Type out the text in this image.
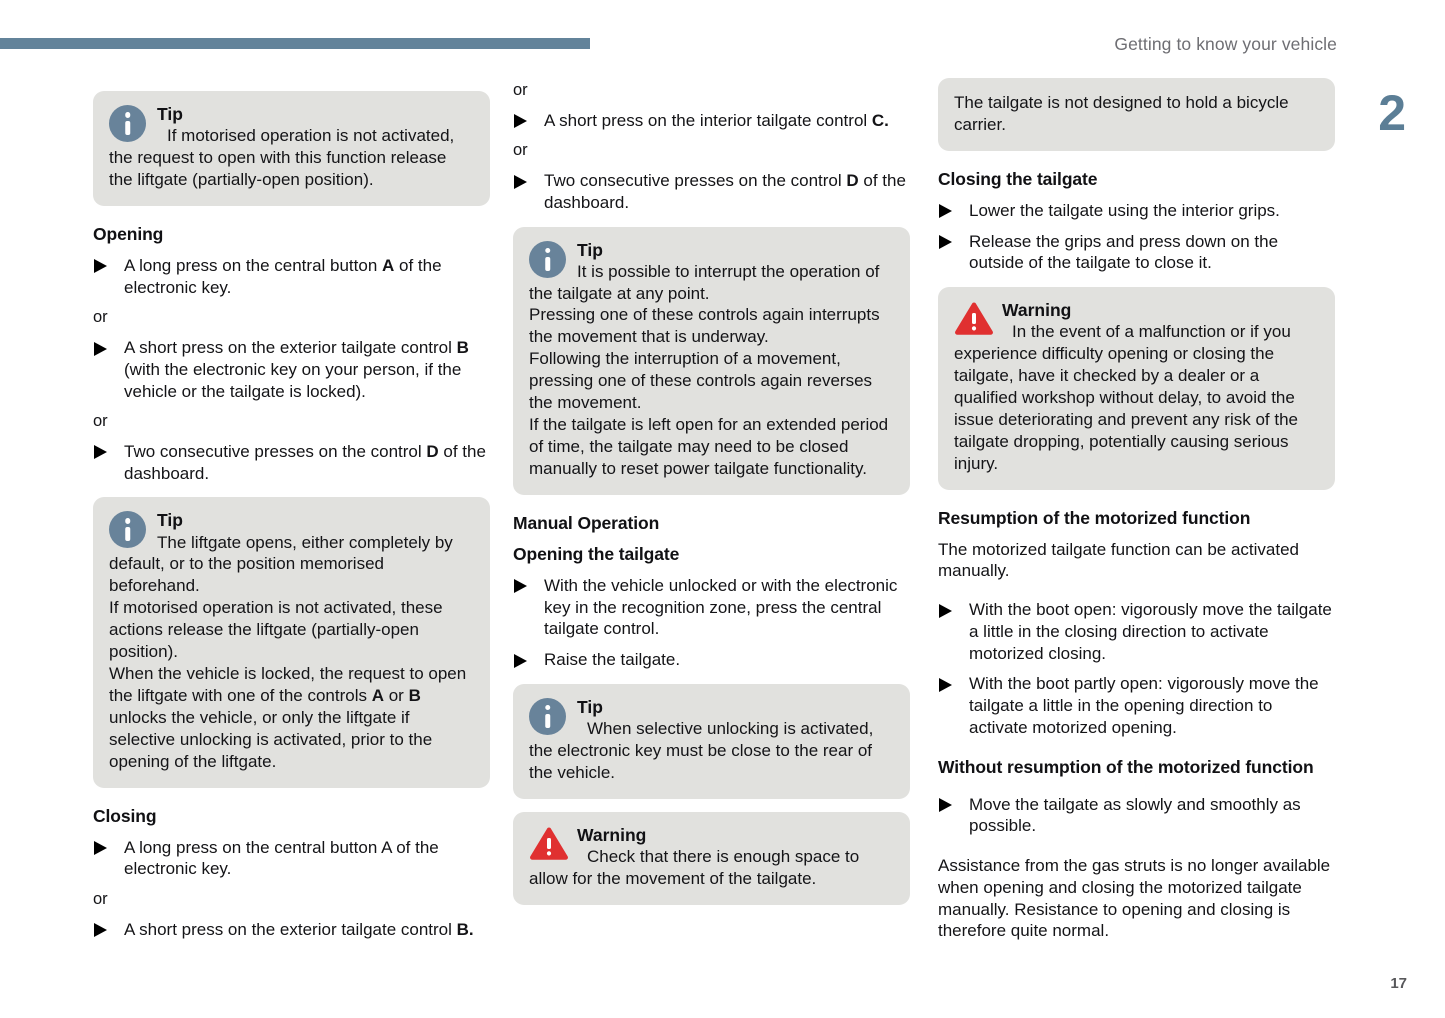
Getting to know your vehicle
2
17
Tip
If motorised operation is not activated, the request to open with this function release the liftgate (partially-open position).
Opening
A long press on the central button A of the electronic key.
or
A short press on the exterior tailgate control B (with the electronic key on your person, if the vehicle or the tailgate is locked).
or
Two consecutive presses on the control D of the dashboard.
Tip

The liftgate opens, either completely by default, or to the position memorised beforehand.

If motorised operation is not activated, these actions release the liftgate (partially-open position).

When the vehicle is locked, the request to open the liftgate with one of the controls A or B unlocks the vehicle, or only the liftgate if selective unlocking is activated, prior to the opening of the liftgate.

Closing
A long press on the central button A of the electronic key.
or
A short press on the exterior tailgate control B.
or
A short press on the interior tailgate control C.
or
Two consecutive presses on the control D of the dashboard.
Tip

It is possible to interrupt the operation of the tailgate at any point.

Pressing one of these controls again interrupts the movement that is underway.

Following the interruption of a movement, pressing one of these controls again reverses the movement.

If the tailgate is left open for an extended period of time, the tailgate may need to be closed manually to reset power tailgate functionality.

Manual Operation
Opening the tailgate
With the vehicle unlocked or with the electronic key in the recognition zone, press the central tailgate control.
Raise the tailgate.
Tip
When selective unlocking is activated, the electronic key must be close to the rear of the vehicle.
Warning
Check that there is enough space to allow for the movement of the tailgate.
The tailgate is not designed to hold a bicycle carrier.
Closing the tailgate
Lower the tailgate using the interior grips.
Release the grips and press down on the outside of the tailgate to close it.
Warning
In the event of a malfunction or if you experience difficulty opening or closing the tailgate, have it checked by a dealer or a qualified workshop without delay, to avoid the issue deteriorating and prevent any risk of the tailgate dropping, potentially causing serious injury.
Resumption of the motorized function
The motorized tailgate function can be activated manually.
With the boot open: vigorously move the tailgate a little in the closing direction to activate motorized closing.
With the boot partly open: vigorously move the tailgate a little in the opening direction to activate motorized opening.
Without resumption of the motorized function
Move the tailgate as slowly and smoothly as possible.
Assistance from the gas struts is no longer available when opening and closing the motorized tailgate manually. Resistance to opening and closing is therefore quite normal.
